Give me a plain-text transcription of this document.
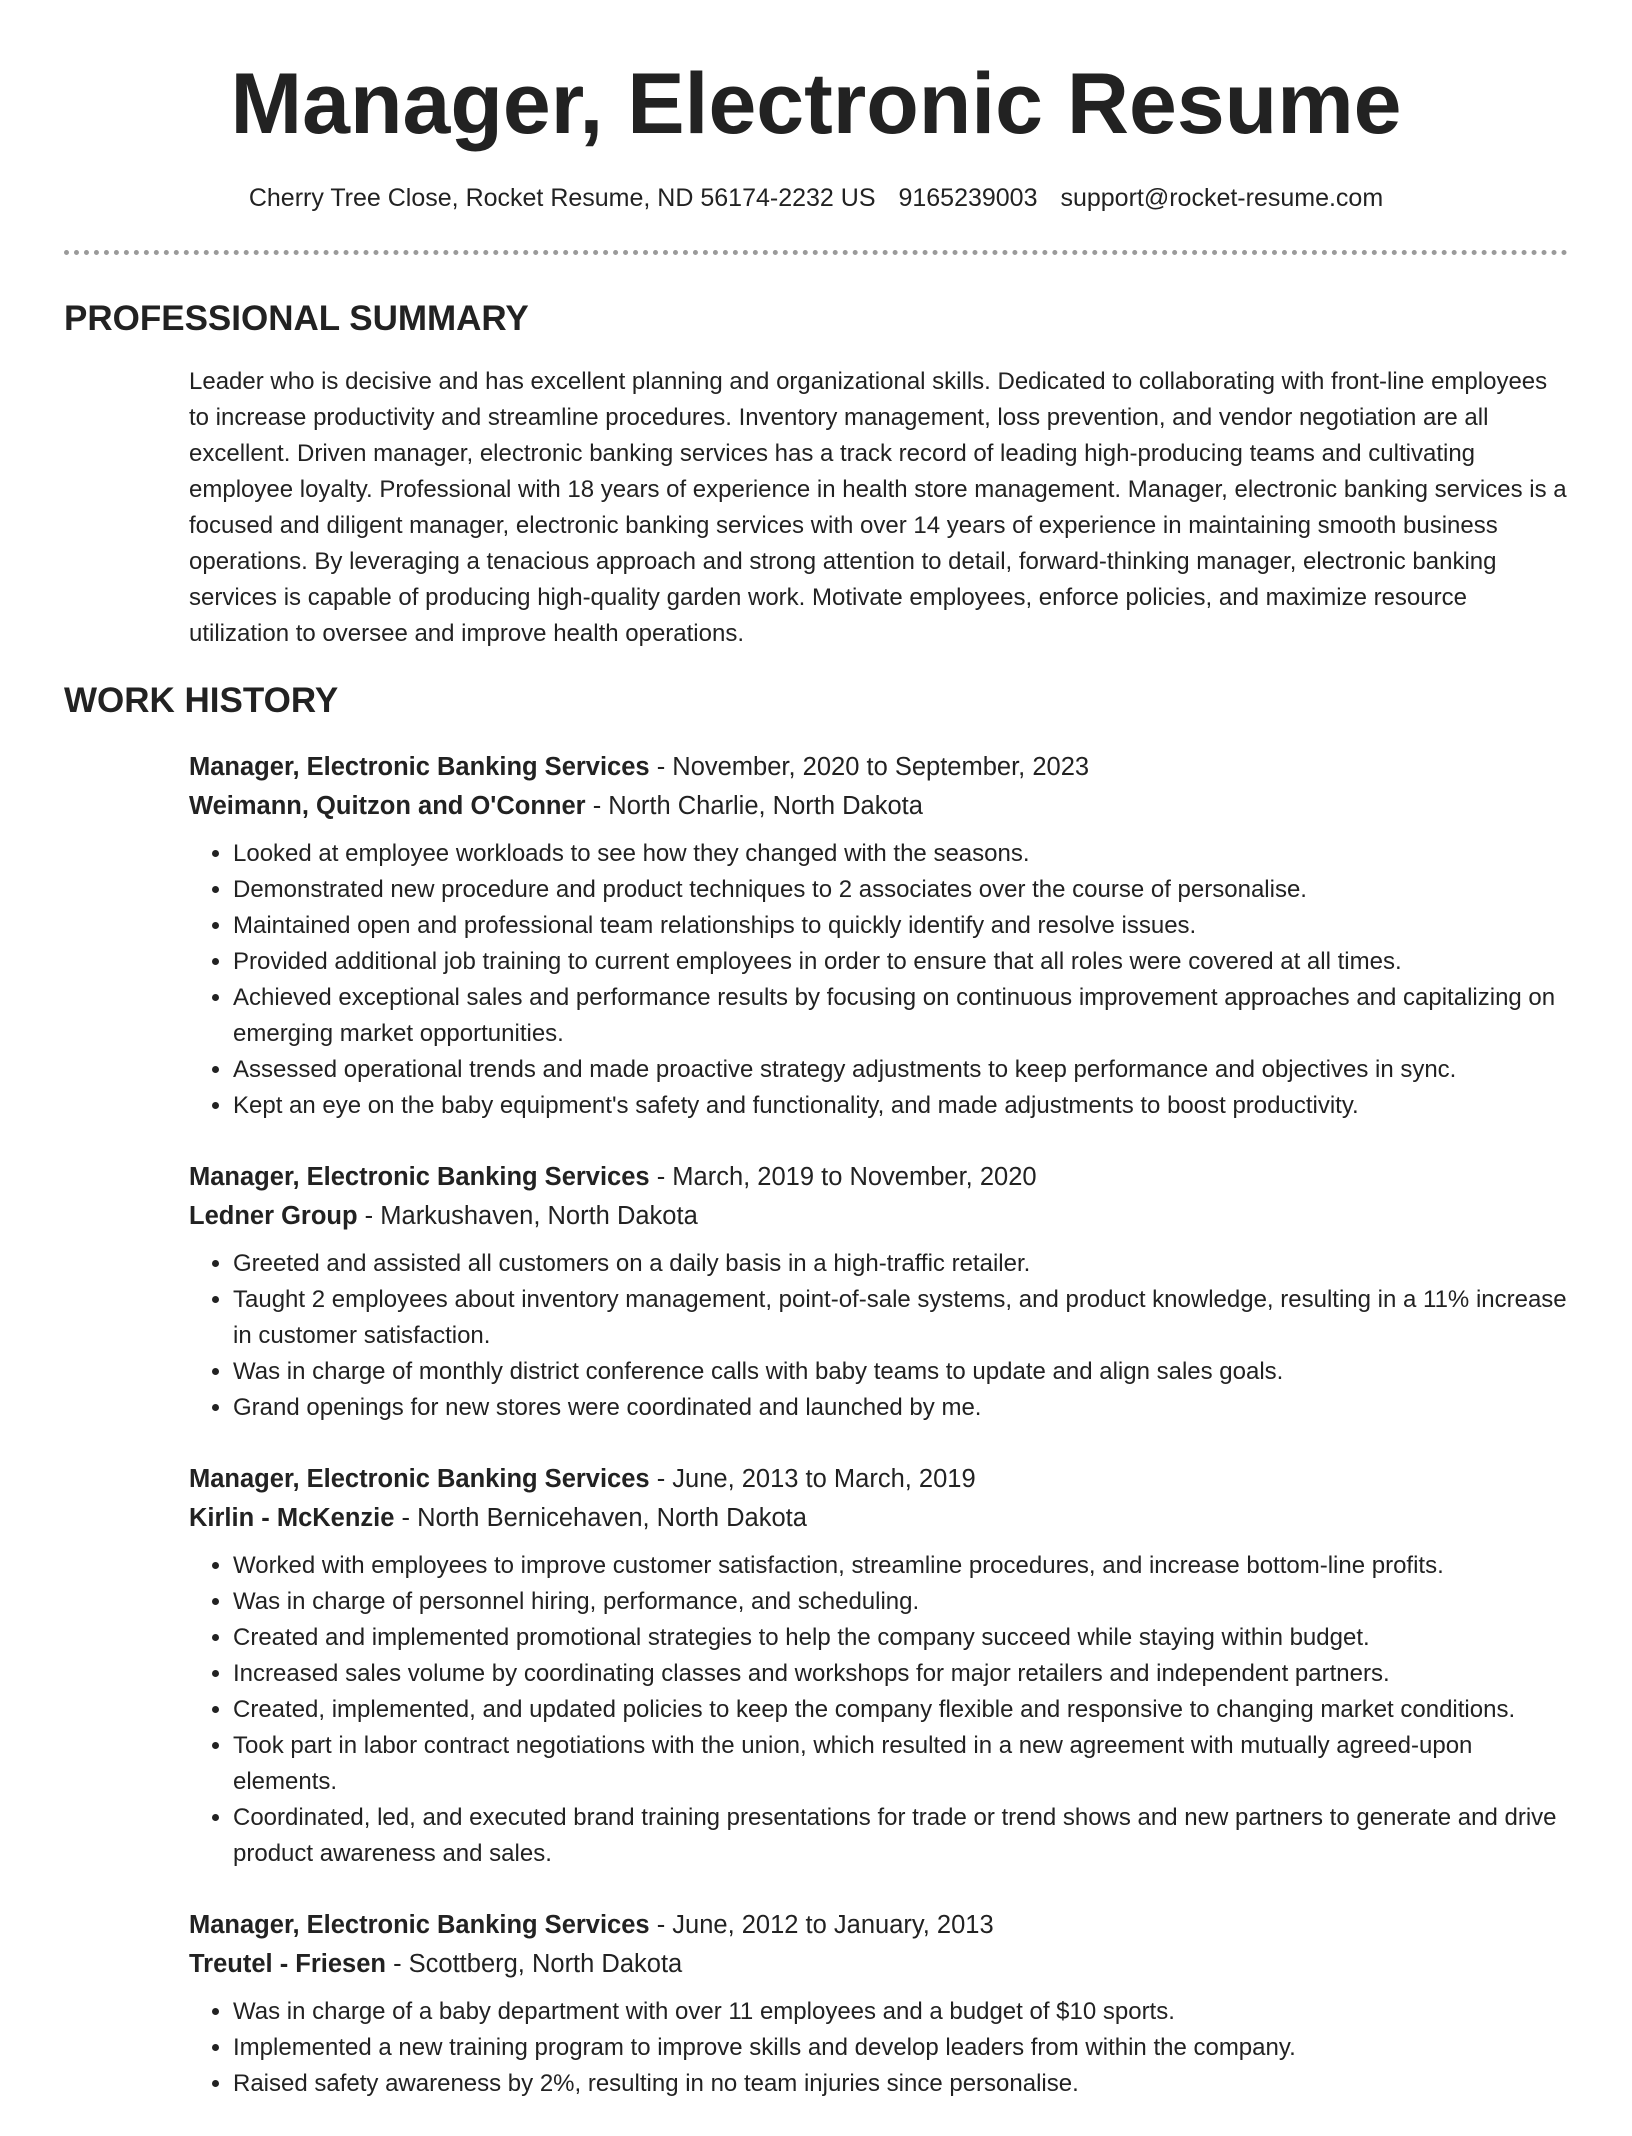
Manager, Electronic Resume
Cherry Tree Close, Rocket Resume, ND 56174-2232 US 9165239003 support@rocket-resume.com
PROFESSIONAL SUMMARY

Leader who is decisive and has excellent planning and organizational skills. Dedicated to collaborating with front-line employees to increase productivity and streamline procedures. Inventory management, loss prevention, and vendor negotiation are all excellent. Driven manager, electronic banking services has a track record of leading high-producing teams and cultivating employee loyalty. Professional with 18 years of experience in health store management. Manager, electronic banking services is a focused and diligent manager, electronic banking services with over 14 years of experience in maintaining smooth business operations. By leveraging a tenacious approach and strong attention to detail, forward-thinking manager, electronic banking services is capable of producing high-quality garden work. Motivate employees, enforce policies, and maximize resource utilization to oversee and improve health operations.

WORK HISTORY
Manager, Electronic Banking Services - November, 2020 to September, 2023
Weimann, Quitzon and O'Conner - North Charlie, North Dakota
• Looked at employee workloads to see how they changed with the seasons.
• Demonstrated new procedure and product techniques to 2 associates over the course of personalise.
• Maintained open and professional team relationships to quickly identify and resolve issues.
• Provided additional job training to current employees in order to ensure that all roles were covered at all times.
• Achieved exceptional sales and performance results by focusing on continuous improvement approaches and capitalizing on emerging market opportunities.
• Assessed operational trends and made proactive strategy adjustments to keep performance and objectives in sync.
• Kept an eye on the baby equipment's safety and functionality, and made adjustments to boost productivity.
Manager, Electronic Banking Services - March, 2019 to November, 2020
Ledner Group - Markushaven, North Dakota
• Greeted and assisted all customers on a daily basis in a high-traffic retailer.
• Taught 2 employees about inventory management, point-of-sale systems, and product knowledge, resulting in a 11% increase in customer satisfaction.
• Was in charge of monthly district conference calls with baby teams to update and align sales goals.
• Grand openings for new stores were coordinated and launched by me.
Manager, Electronic Banking Services - June, 2013 to March, 2019
Kirlin - McKenzie - North Bernicehaven, North Dakota
• Worked with employees to improve customer satisfaction, streamline procedures, and increase bottom-line profits.
• Was in charge of personnel hiring, performance, and scheduling.
• Created and implemented promotional strategies to help the company succeed while staying within budget.
• Increased sales volume by coordinating classes and workshops for major retailers and independent partners.
• Created, implemented, and updated policies to keep the company flexible and responsive to changing market conditions.
• Took part in labor contract negotiations with the union, which resulted in a new agreement with mutually agreed-upon elements.
• Coordinated, led, and executed brand training presentations for trade or trend shows and new partners to generate and drive product awareness and sales.
Manager, Electronic Banking Services - June, 2012 to January, 2013
Treutel - Friesen - Scottberg, North Dakota
• Was in charge of a baby department with over 11 employees and a budget of $10 sports.
• Implemented a new training program to improve skills and develop leaders from within the company.
• Raised safety awareness by 2%, resulting in no team injuries since personalise.
